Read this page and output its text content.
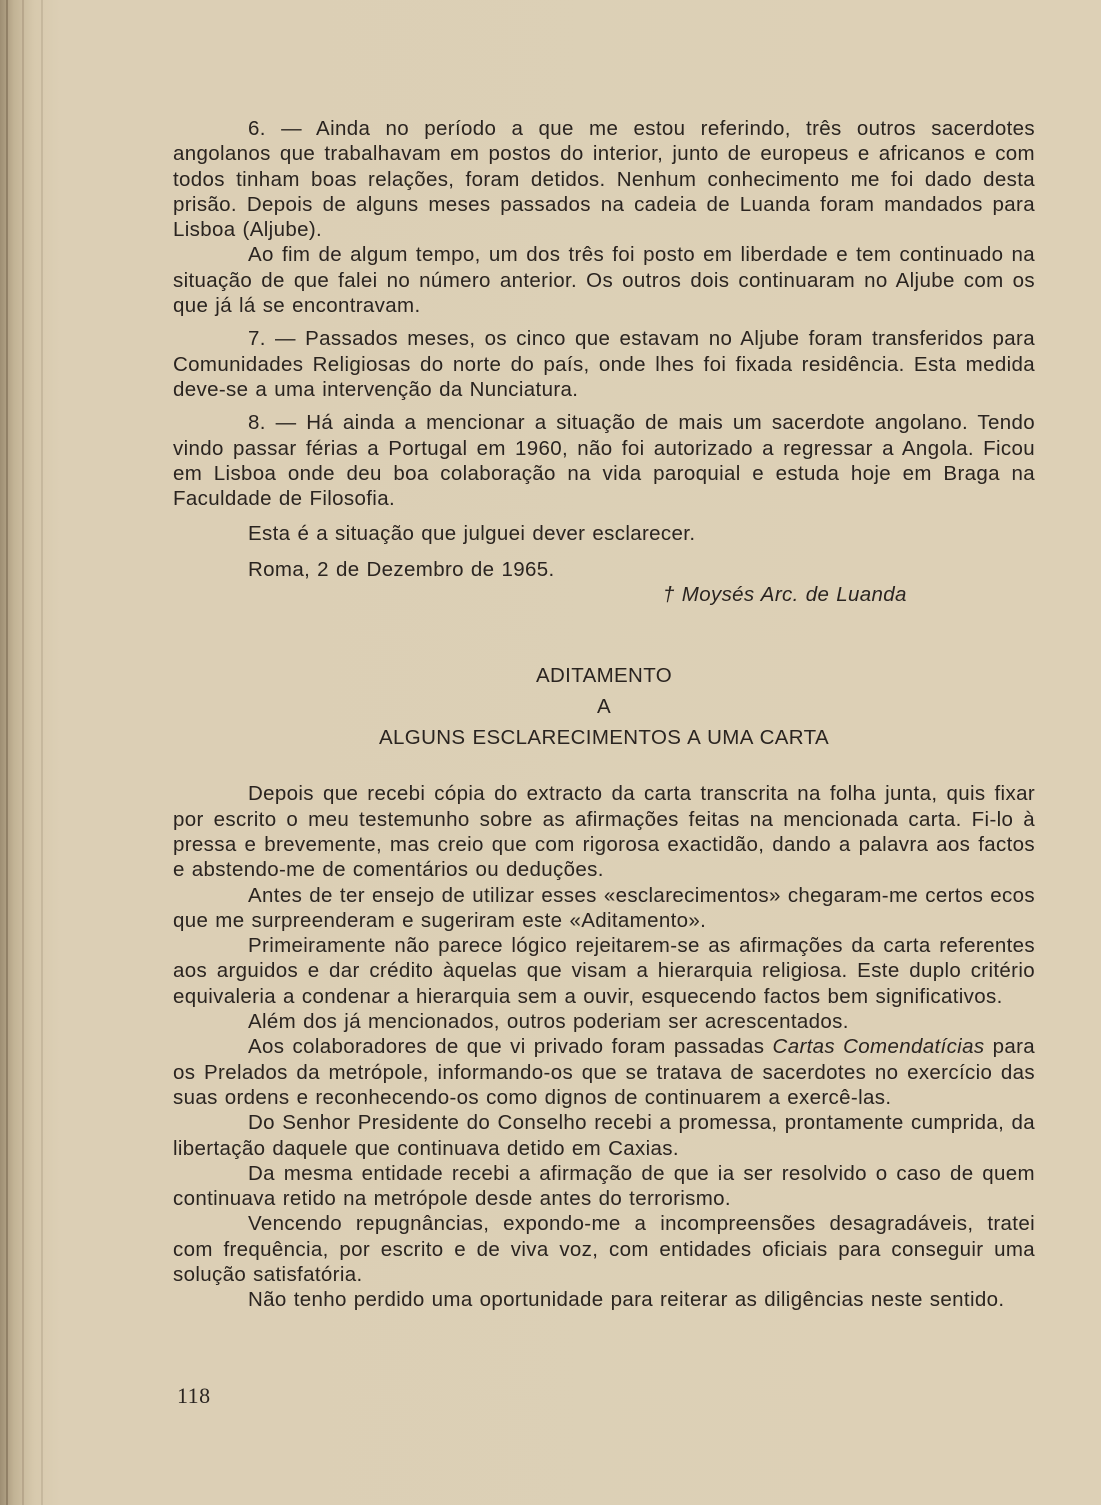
6. — Ainda no período a que me estou referindo, três outros sacerdotes angolanos que trabalhavam em postos do interior, junto de europeus e africanos e com todos tinham boas relações, foram detidos. Nenhum conhecimento me foi dado desta prisão. Depois de alguns meses passados na cadeia de Luanda foram mandados para Lisboa (Aljube).

Ao fim de algum tempo, um dos três foi posto em liberdade e tem continuado na situação de que falei no número anterior. Os outros dois continuaram no Aljube com os que já lá se encontravam.

7. — Passados meses, os cinco que estavam no Aljube foram transferidos para Comunidades Religiosas do norte do país, onde lhes foi fixada residência. Esta medida deve-se a uma intervenção da Nunciatura.

8. — Há ainda a mencionar a situação de mais um sacerdote angolano. Tendo vindo passar férias a Portugal em 1960, não foi autorizado a regressar a Angola. Ficou em Lisboa onde deu boa colaboração na vida paroquial e estuda hoje em Braga na Faculdade de Filosofia.

Esta é a situação que julguei dever esclarecer.

Roma, 2 de Dezembro de 1965.

† Moysés Arc. de Luanda

ADITAMENTO
A
ALGUNS ESCLARECIMENTOS A UMA CARTA

Depois que recebi cópia do extracto da carta transcrita na folha junta, quis fixar por escrito o meu testemunho sobre as afirmações feitas na mencionada carta. Fi-lo à pressa e brevemente, mas creio que com rigorosa exactidão, dando a palavra aos factos e abstendo-me de comentários ou deduções.

Antes de ter ensejo de utilizar esses «esclarecimentos» chegaram-me certos ecos que me surpreenderam e sugeriram este «Aditamento».

Primeiramente não parece lógico rejeitarem-se as afirmações da carta referentes aos arguidos e dar crédito àquelas que visam a hierarquia religiosa. Este duplo critério equivaleria a condenar a hierarquia sem a ouvir, esquecendo factos bem significativos.

Além dos já mencionados, outros poderiam ser acrescentados.

Aos colaboradores de que vi privado foram passadas Cartas Comendatícias para os Prelados da metrópole, informando-os que se tratava de sacerdotes no exercício das suas ordens e reconhecendo-os como dignos de continuarem a exercê-las.

Do Senhor Presidente do Conselho recebi a promessa, prontamente cumprida, da libertação daquele que continuava detido em Caxias.

Da mesma entidade recebi a afirmação de que ia ser resolvido o caso de quem continuava retido na metrópole desde antes do terrorismo.

Vencendo repugnâncias, expondo-me a incompreensões desagradáveis, tratei com frequência, por escrito e de viva voz, com entidades oficiais para conseguir uma solução satisfatória.

Não tenho perdido uma oportunidade para reiterar as diligências neste sentido.

118
